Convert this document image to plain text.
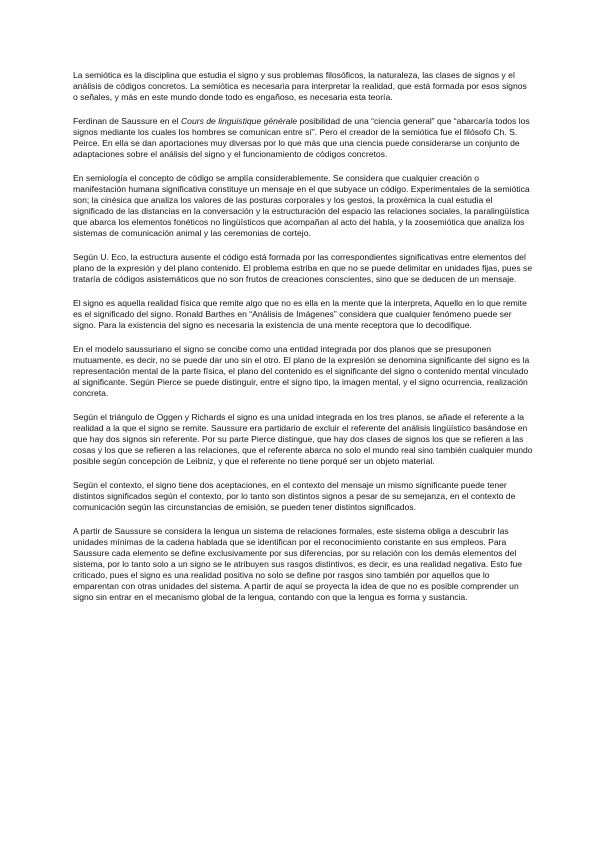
La semiótica es la disciplina que estudia el signo y sus problemas filosóficos, la naturaleza, las clases de signos y el análisis de códigos concretos. La semiótica es necesaria para interpretar la realidad, que está formada por esos signos o señales, y más en este mundo donde todo es engañoso, es necesaria esta teoría.

Ferdinan de Saussure en el Cours de linguistique générale posibilidad de una “ciencia general” que “abarcaría todos los signos mediante los cuales los hombres se comunican entre sí”. Pero el creador de la semiótica fue el filósofo Ch. S. Peirce. En ella se dan aportaciones muy diversas por lo que más que una ciencia puede considerarse un conjunto de adaptaciones sobre el análisis del signo y el funcionamiento de códigos concretos.

En semiología el concepto de código se amplía considerablemente. Se considera que cualquier creación o manifestación humana significativa constituye un mensaje en el que subyace un código. Experimentales de la semiótica son; la cinésica que analiza los valores de las posturas corporales y los gestos, la proxémica la cual estudia el significado de las distancias en la conversación y la estructuración del espacio las relaciones sociales, la paralingüística que abarca los elementos fonéticos no lingüísticos que acompañan al acto del habla, y la zoosemiótica que analiza los sistemas de comunicación animal y las ceremonias de cortejo.

Según U. Eco, la estructura ausente el código está formada por las correspondientes significativas entre elementos del plano de la expresión y del plano contenido. El problema estriba en que no se puede delimitar en unidades fijas, pues se trataría de códigos asistemáticos que no son frutos de creaciones conscientes, sino que se deducen de un mensaje.

El signo es aquella realidad física que remite algo que no es ella en la mente que la interpreta, Aquello en lo que remite es el significado del signo. Ronald Barthes en “Análisis de Imágenes” considera que cualquier fenómeno puede ser signo. Para la existencia del signo es necesaria la existencia de una mente receptora que lo decodifique.

En el modelo saussuriano el signo se concibe como una entidad integrada por dos planos que se presuponen mutuamente, es decir, no se puede dar uno sin el otro. El plano de la expresión se denomina significante del signo es la representación mental de la parte física, el plano del contenido es el significante del signo o contenido mental vinculado al significante. Según Pierce se puede distinguir, entre el signo tipo, la imagen mental, y el signo ocurrencia, realización concreta.

Según el triángulo de Oggen y Richards el signo es una unidad integrada en los tres planos, se añade el referente a la realidad a la que el signo se remite. Saussure era partidario de excluir el referente del análisis lingüístico basándose en que hay dos signos sin referente. Por su parte Pierce distingue, que hay dos clases de signos los que se refieren a las cosas y los que se refieren a las relaciones, que el referente abarca no solo el mundo real sino también cualquier mundo posible según concepción de Leibniz, y que el referente no tiene porqué ser un objeto material.

Según el contexto, el signo tiene dos aceptaciones, en el contexto del mensaje un mismo significante puede tener distintos significados según el contexto, por lo tanto son distintos signos a pesar de su semejanza, en el contexto de comunicación según las circunstancias de emisión, se pueden tener distintos significados.

A partir de Saussure se considera la lengua un sistema de relaciones formales, este sistema obliga a descubrir las unidades mínimas de la cadena hablada que se identifican por el reconocimiento constante en sus empleos. Para Saussure cada elemento se define exclusivamente por sus diferencias, por su relación con los demás elementos del sistema, por lo tanto solo a un signo se le atribuyen sus rasgos distintivos, es decir, es una realidad negativa. Esto fue criticado, pues el signo es una realidad positiva no solo se define por rasgos sino también por aquellos que lo emparentan con otras unidades del sistema. A partir de aquí se proyecta la idea de que no es posible comprender un signo sin entrar en el mecanismo global de la lengua, contando con que la lengua es forma y sustancia.
